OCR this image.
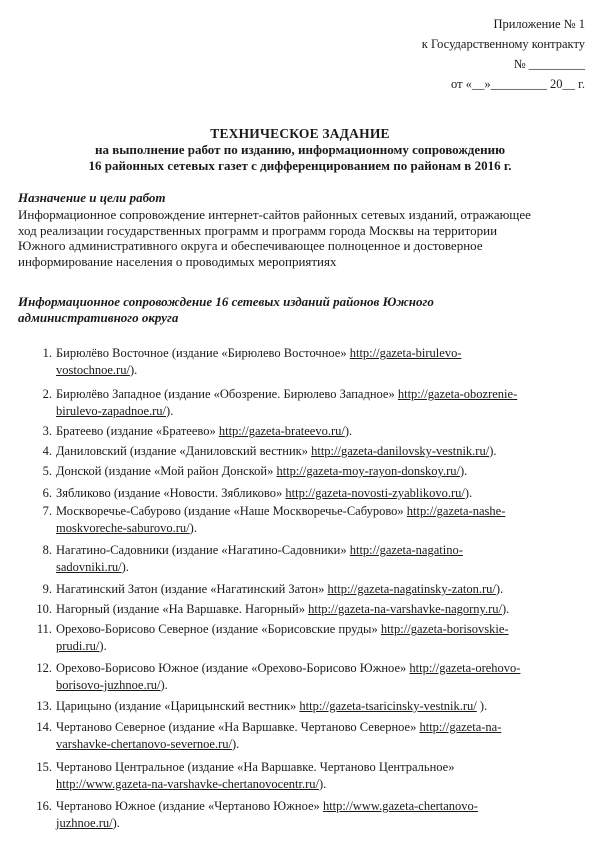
Приложение № 1
к Государственному контракту
№ _________
от «__»_________ 20__ г.
ТЕХНИЧЕСКОЕ ЗАДАНИЕ
на выполнение работ по изданию, информационному сопровождению
16 районных сетевых газет с дифференцированием по районам в 2016 г.
Назначение и цели работ
Информационное сопровождение интернет-сайтов районных сетевых изданий, отражающее
ход реализации государственных программ и программ города Москвы на территории
Южного административного округа и обеспечивающее полноценное и достоверное
информирование населения о проводимых мероприятиях
Информационное сопровождение 16 сетевых изданий районов Южного
административного округа
1. Бирюлёво Восточное (издание «Бирюлево Восточное» http://gazeta-birulevo-
vostochnoe.ru/).
2. Бирюлёво Западное (издание «Обозрение. Бирюлево Западное» http://gazeta-obozrenie-
birulevo-zapadnoe.ru/).
3. Братеево (издание «Братеево» http://gazeta-brateevo.ru/).
4. Даниловский (издание «Даниловский вестник» http://gazeta-danilovsky-vestnik.ru/).
5. Донской (издание «Мой район Донской» http://gazeta-moy-rayon-donskoy.ru/).
6. Зябликово (издание «Новости. Зябликово» http://gazeta-novosti-zyablikovo.ru/).
7. Москворечье-Сабурово (издание «Наше Москворечье-Сабурово» http://gazeta-nashe-
moskvoreche-saburovo.ru/).
8. Нагатино-Садовники (издание «Нагатино-Садовники» http://gazeta-nagatino-
sadovniki.ru/).
9. Нагатинский Затон (издание «Нагатинский Затон» http://gazeta-nagatinsky-zaton.ru/).
10. Нагорный (издание «На Варшавке. Нагорный» http://gazeta-na-varshavke-nagorny.ru/).
11. Орехово-Борисово Северное (издание «Борисовские пруды» http://gazeta-borisovskie-
prudi.ru/).
12. Орехово-Борисово Южное (издание «Орехово-Борисово Южное» http://gazeta-orehovo-
borisovo-juzhnoe.ru/).
13. Царицыно (издание «Царицынский вестник» http://gazeta-tsaricinsky-vestnik.ru/ ).
14. Чертаново Северное (издание «На Варшавке. Чертаново Северное» http://gazeta-na-
varshavke-chertanovo-severnoe.ru/).
15. Чертаново Центральное (издание «На Варшавке. Чертаново Центральное»
http://www.gazeta-na-varshavke-chertanovocentr.ru/).
16. Чертаново Южное (издание «Чертаново Южное» http://www.gazeta-chertanovo-
juzhnoe.ru/).
